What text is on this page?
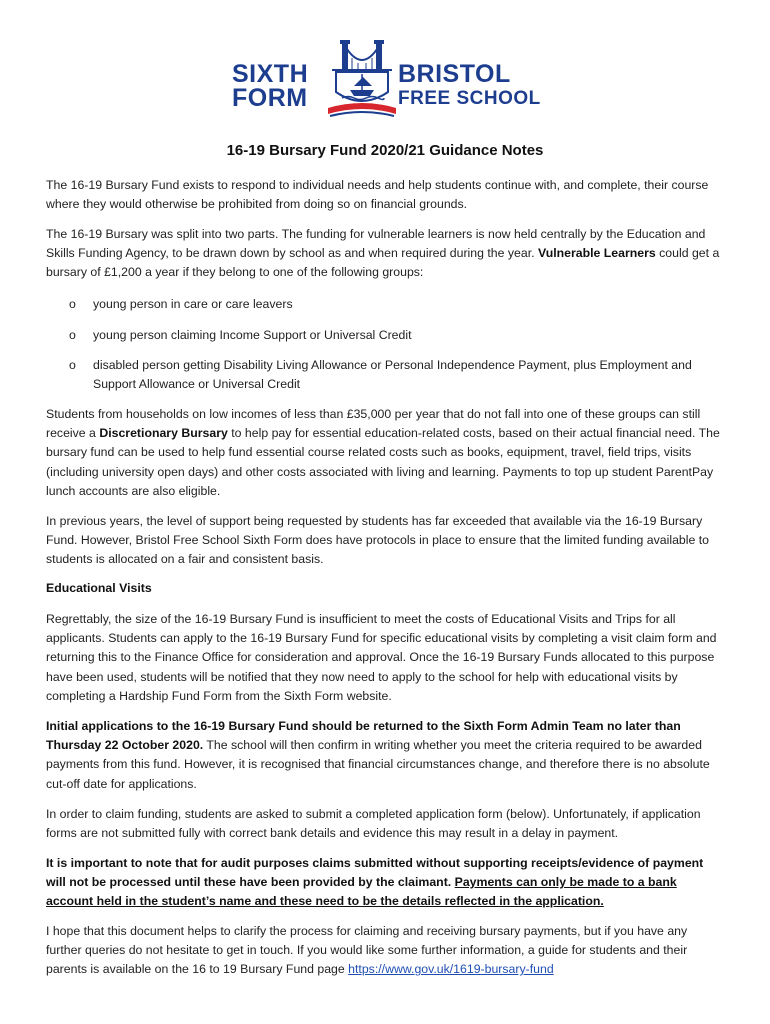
SIXTH
FORM
BRISTOL
FREE SCHOOL
16-19 Bursary Fund 2020/21 Guidance Notes
The 16-19 Bursary Fund exists to respond to individual needs and help students continue with, and complete, their course where they would otherwise be prohibited from doing so on financial grounds.
The 16-19 Bursary was split into two parts. The funding for vulnerable learners is now held centrally by the Education and Skills Funding Agency, to be drawn down by school as and when required during the year. Vulnerable Learners could get a bursary of £1,200 a year if they belong to one of the following groups:
o young person in care or care leavers
o young person claiming Income Support or Universal Credit
o disabled person getting Disability Living Allowance or Personal Independence Payment, plus Employment and Support Allowance or Universal Credit
Students from households on low incomes of less than £35,000 per year that do not fall into one of these groups can still receive a Discretionary Bursary to help pay for essential education-related costs, based on their actual financial need. The bursary fund can be used to help fund essential course related costs such as books, equipment, travel, field trips, visits (including university open days) and other costs associated with living and learning. Payments to top up student ParentPay lunch accounts are also eligible.
In previous years, the level of support being requested by students has far exceeded that available via the 16-19 Bursary Fund. However, Bristol Free School Sixth Form does have protocols in place to ensure that the limited funding available to students is allocated on a fair and consistent basis.
Educational Visits
Regrettably, the size of the 16-19 Bursary Fund is insufficient to meet the costs of Educational Visits and Trips for all applicants. Students can apply to the 16-19 Bursary Fund for specific educational visits by completing a visit claim form and returning this to the Finance Office for consideration and approval. Once the 16-19 Bursary Funds allocated to this purpose have been used, students will be notified that they now need to apply to the school for help with educational visits by completing a Hardship Fund Form from the Sixth Form website.
Initial applications to the 16-19 Bursary Fund should be returned to the Sixth Form Admin Team no later than Thursday 22 October 2020. The school will then confirm in writing whether you meet the criteria required to be awarded payments from this fund. However, it is recognised that financial circumstances change, and therefore there is no absolute cut-off date for applications.
In order to claim funding, students are asked to submit a completed application form (below). Unfortunately, if application forms are not submitted fully with correct bank details and evidence this may result in a delay in payment.
It is important to note that for audit purposes claims submitted without supporting receipts/evidence of payment will not be processed until these have been provided by the claimant. Payments can only be made to a bank account held in the student’s name and these need to be the details reflected in the application.
I hope that this document helps to clarify the process for claiming and receiving bursary payments, but if you have any further queries do not hesitate to get in touch. If you would like some further information, a guide for students and their parents is available on the 16 to 19 Bursary Fund page https://www.gov.uk/1619-bursary-fund
